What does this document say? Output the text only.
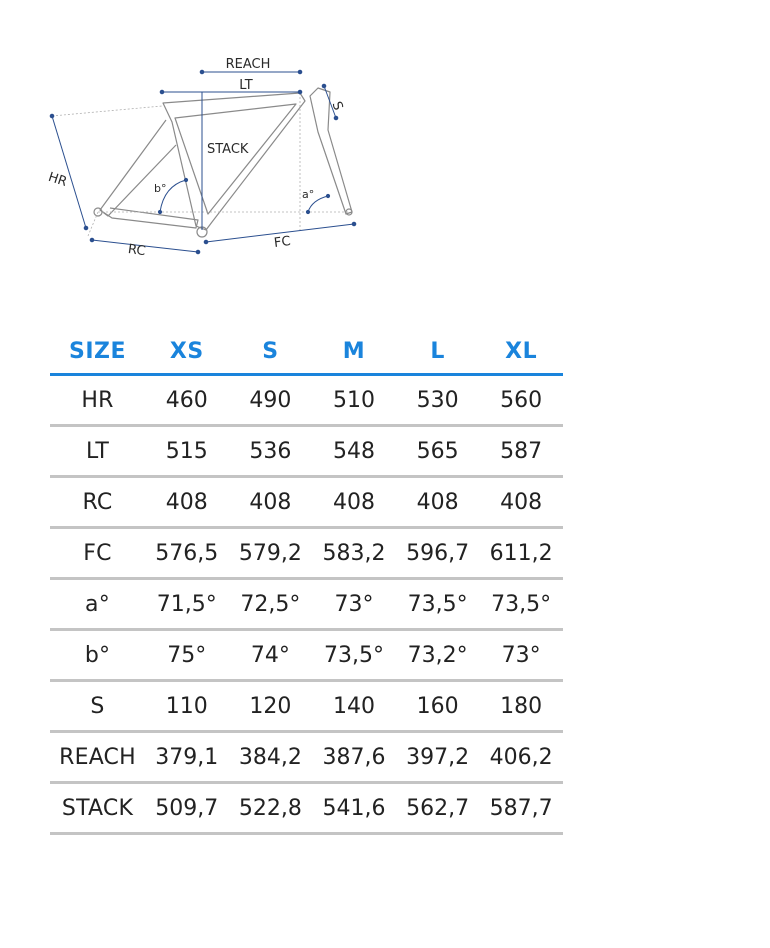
REACH
LT
S
STACK
HR	b°	a°
RC	FC
SIZE	XS	S	M	L	XL
HR	460	490	510	530	560
LT	515	536	548	565	587
RC	408	408	408	408	408
FC	576,5 579,2 583,2 596,7 611,2
a°	71,5°	72,5°	73°	73,5°	73,5°
b°	75°	74°	73,5°	73,2°	73°
S	110	120	140	160	180
REACH 379,1 384,2 387,6 397,2 406,2
STACK	509,7 522,8 541,6 562,7 587,7
